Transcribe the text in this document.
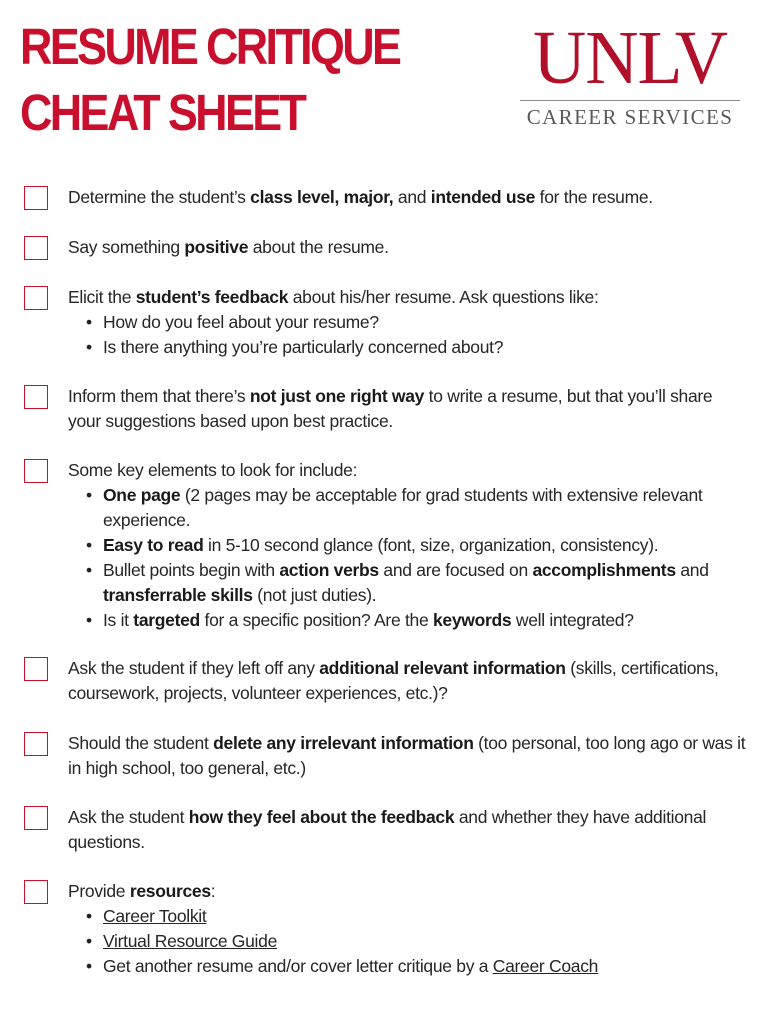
RESUME CRITIQUE
CHEAT SHEET
UNLV
CAREER SERVICES
Determine the student’s class level, major, and intended use for the resume.
Say something positive about the resume.
Elicit the student’s feedback about his/her resume. Ask questions like:
• How do you feel about your resume?
• Is there anything you’re particularly concerned about?
Inform them that there’s not just one right way to write a resume, but that you’ll share your suggestions based upon best practice.
Some key elements to look for include:
• One page (2 pages may be acceptable for grad students with extensive relevant experience.
• Easy to read in 5-10 second glance (font, size, organization, consistency).
• Bullet points begin with action verbs and are focused on accomplishments and transferrable skills (not just duties).
• Is it targeted for a specific position? Are the keywords well integrated?
Ask the student if they left off any additional relevant information (skills, certifications, coursework, projects, volunteer experiences, etc.)?
Should the student delete any irrelevant information (too personal, too long ago or was it in high school, too general, etc.)
Ask the student how they feel about the feedback and whether they have additional questions.
Provide resources:
• Career Toolkit
• Virtual Resource Guide
• Get another resume and/or cover letter critique by a Career Coach
